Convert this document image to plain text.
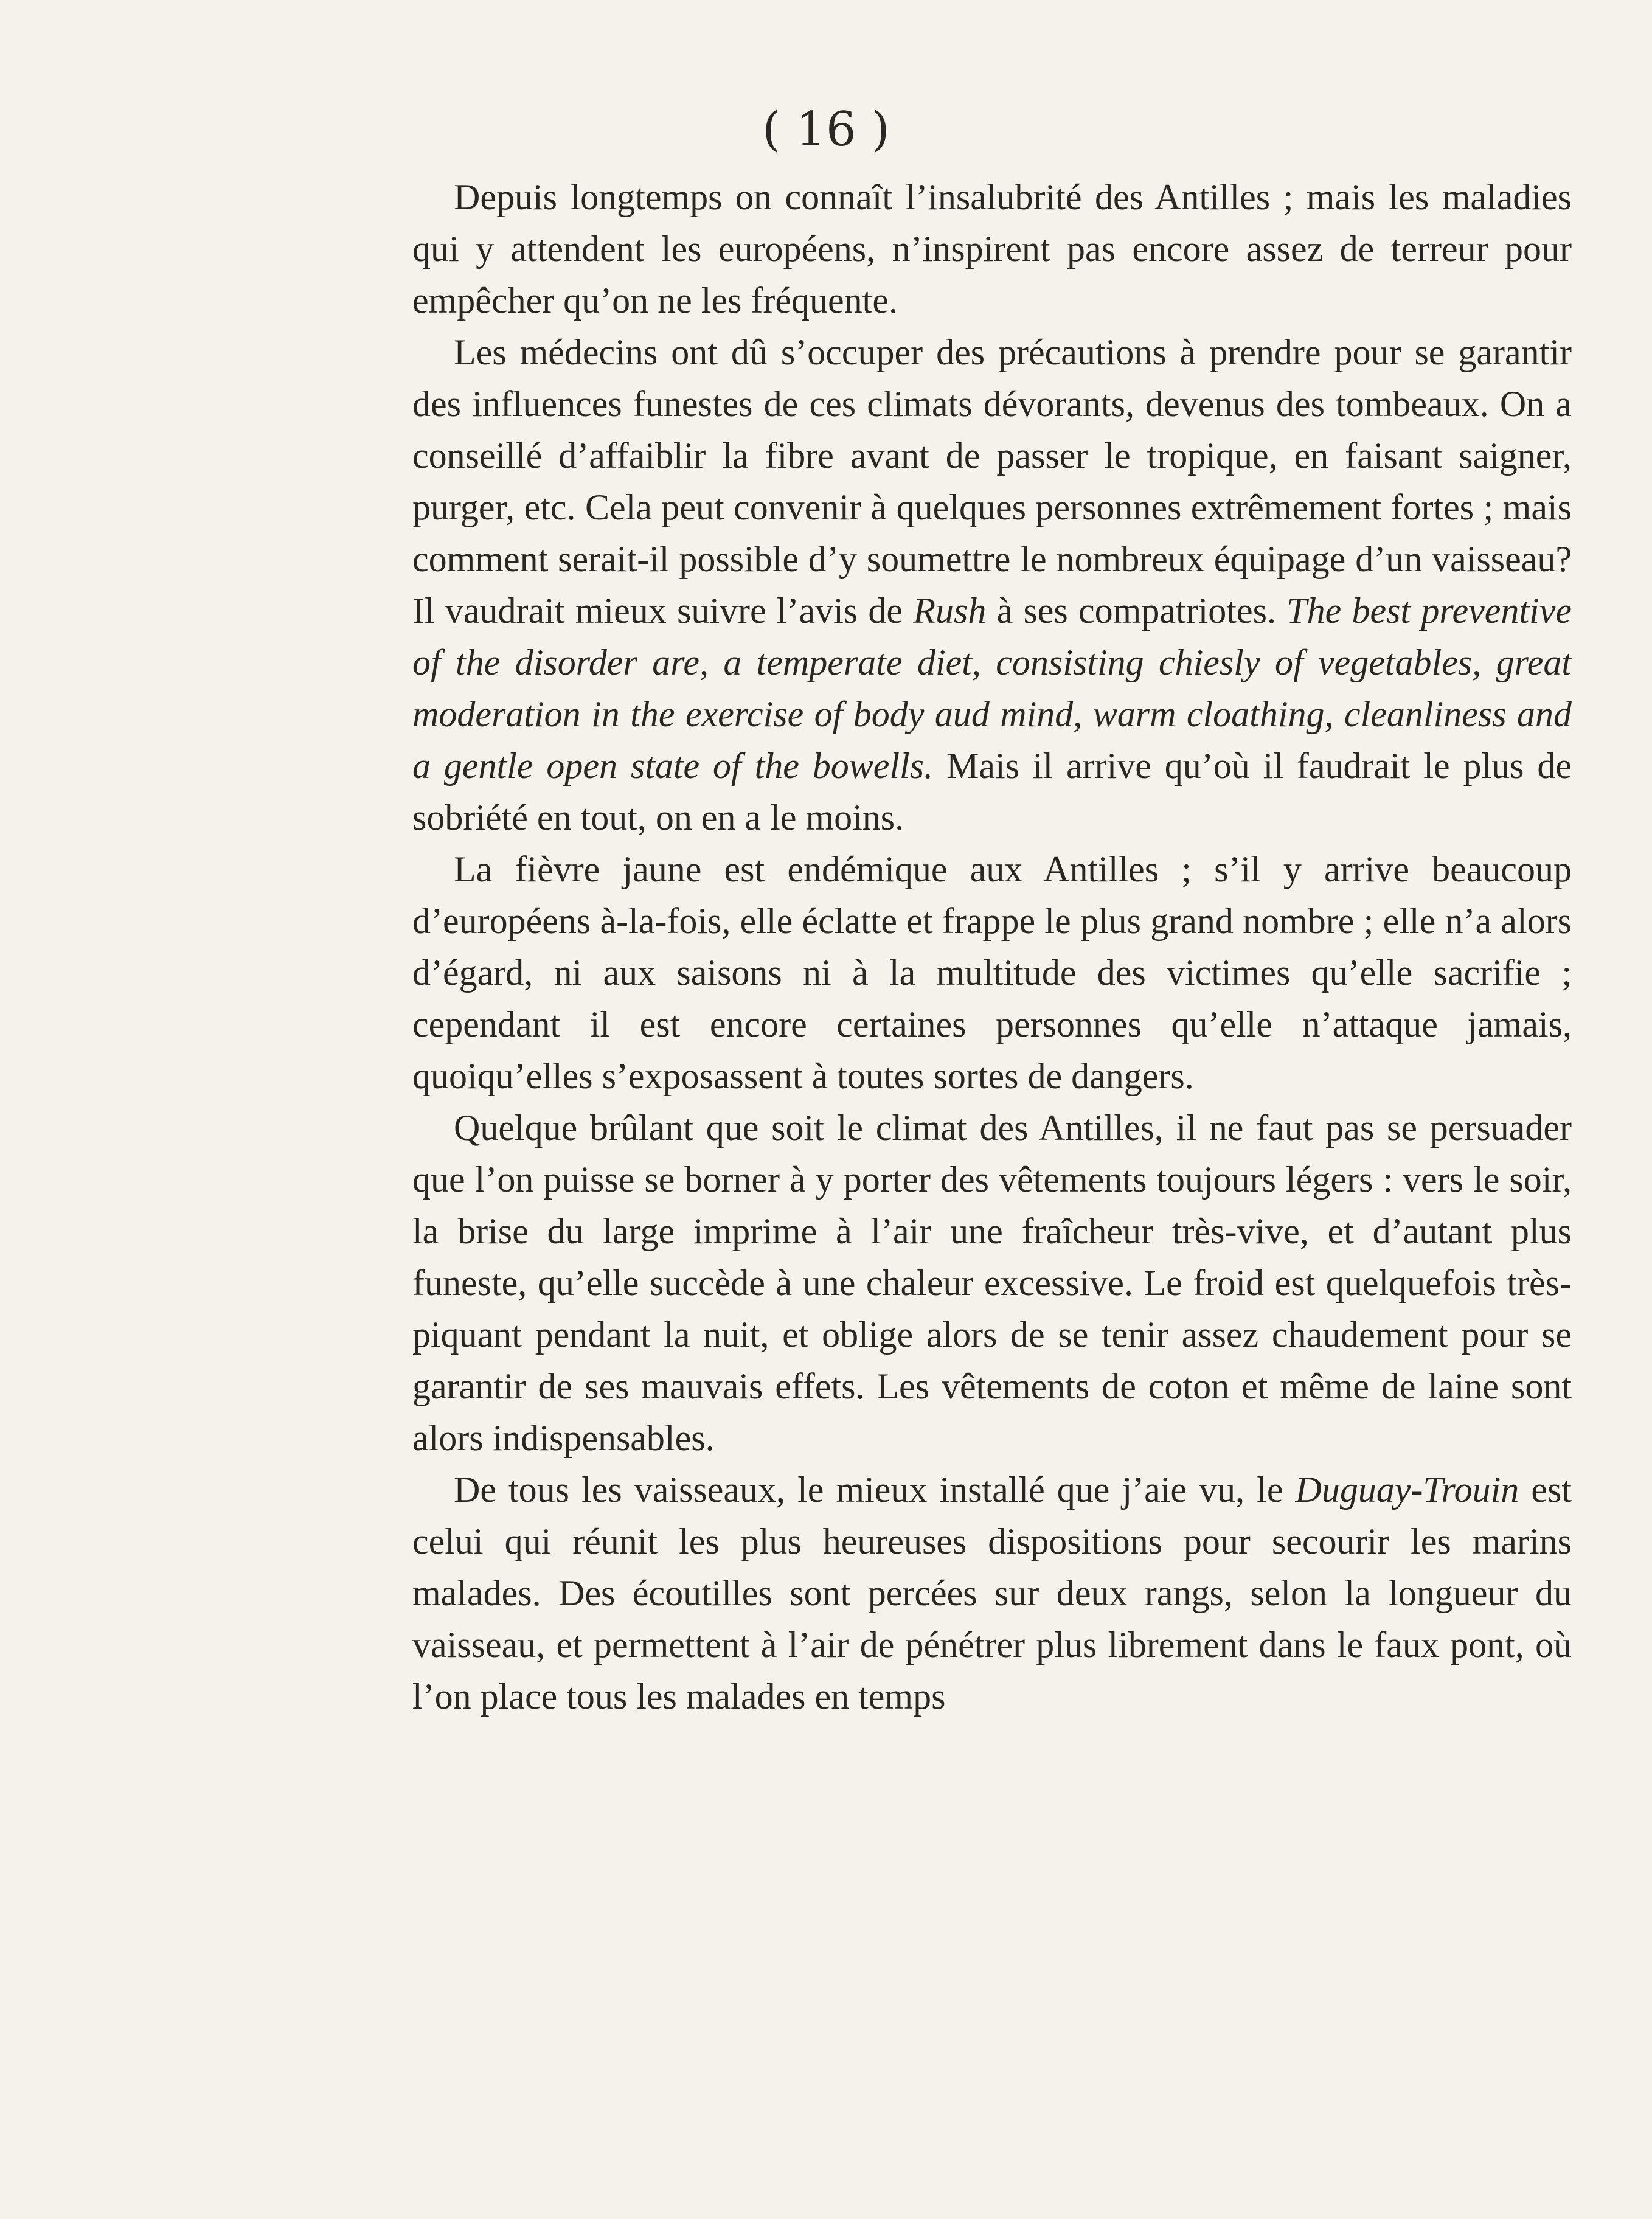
( 16 )

Depuis longtemps on connaît l’insalubrité des Antilles ; mais les maladies qui y attendent les européens, n’inspirent pas encore assez de terreur pour empêcher qu’on ne les fréquente.

Les médecins ont dû s’occuper des précautions à prendre pour se garantir des influences funestes de ces climats dévorants, devenus des tombeaux. On a conseillé d’affaiblir la fibre avant de passer le tropique, en faisant saigner, purger, etc. Cela peut convenir à quelques personnes extrêmement fortes ; mais comment serait-il possible d’y soumettre le nombreux équipage d’un vaisseau? Il vaudrait mieux suivre l’avis de Rush à ses compatriotes. The best preventive of the disorder are, a temperate diet, consisting chiesly of vegetables, great moderation in the exercise of body aud mind, warm cloathing, cleanliness and a gentle open state of the bowells. Mais il arrive qu’où il faudrait le plus de sobriété en tout, on en a le moins.

La fièvre jaune est endémique aux Antilles ; s’il y arrive beaucoup d’européens à-la-fois, elle éclatte et frappe le plus grand nombre ; elle n’a alors d’égard, ni aux saisons ni à la multitude des victimes qu’elle sacrifie ; cependant il est encore certaines personnes qu’elle n’attaque jamais, quoiqu’elles s’exposassent à toutes sortes de dangers.

Quelque brûlant que soit le climat des Antilles, il ne faut pas se persuader que l’on puisse se borner à y porter des vêtements toujours légers : vers le soir, la brise du large imprime à l’air une fraîcheur très-vive, et d’autant plus funeste, qu’elle succède à une chaleur excessive. Le froid est quelquefois très-piquant pendant la nuit, et oblige alors de se tenir assez chaudement pour se garantir de ses mauvais effets. Les vêtements de coton et même de laine sont alors indispensables.

De tous les vaisseaux, le mieux installé que j’aie vu, le Duguay-Trouin est celui qui réunit les plus heureuses dispositions pour secourir les marins malades. Des écoutilles sont percées sur deux rangs, selon la longueur du vaisseau, et permettent à l’air de pénétrer plus librement dans le faux pont, où l’on place tous les malades en temps
